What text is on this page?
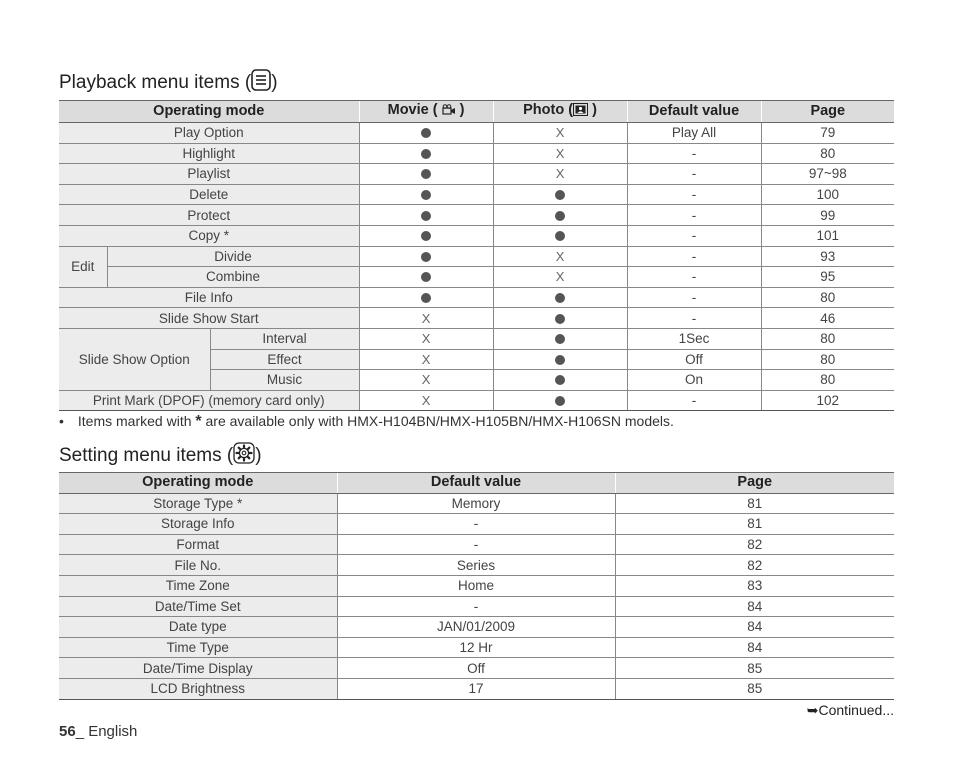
Playback menu items ( )
Operating mode			Movie (  )	Photo ( )	Default value	Page
Play Option				X	Play All	79
Highlight				X	-	80
Playlist				X	-	97~98
Delete					-	100
Protect					-	99
Copy *					-	101
Edit	Divide			X	-	93
	Combine			X	-	95
File Info					-	80
Slide Show Start			X		-	46
Slide Show Option		Interval	X		1Sec	80
		Effect	X		Off	80
		Music	X		On	80
Print Mark (DPOF) (memory card only)			X		-	102
• Items marked with * are available only with HMX-H104BN/HMX-H105BN/HMX-H106SN models.
Setting menu items ( )
Operating mode	Default value	Page
Storage Type *	Memory	81
Storage Info	-	81
Format	-	82
File No.	Series	82
Time Zone	Home	83
Date/Time Set	-	84
Date type	JAN/01/2009	84
Time Type	12 Hr	84
Date/Time Display	Off	85
LCD Brightness	17	85
➥Continued...
56_ English
